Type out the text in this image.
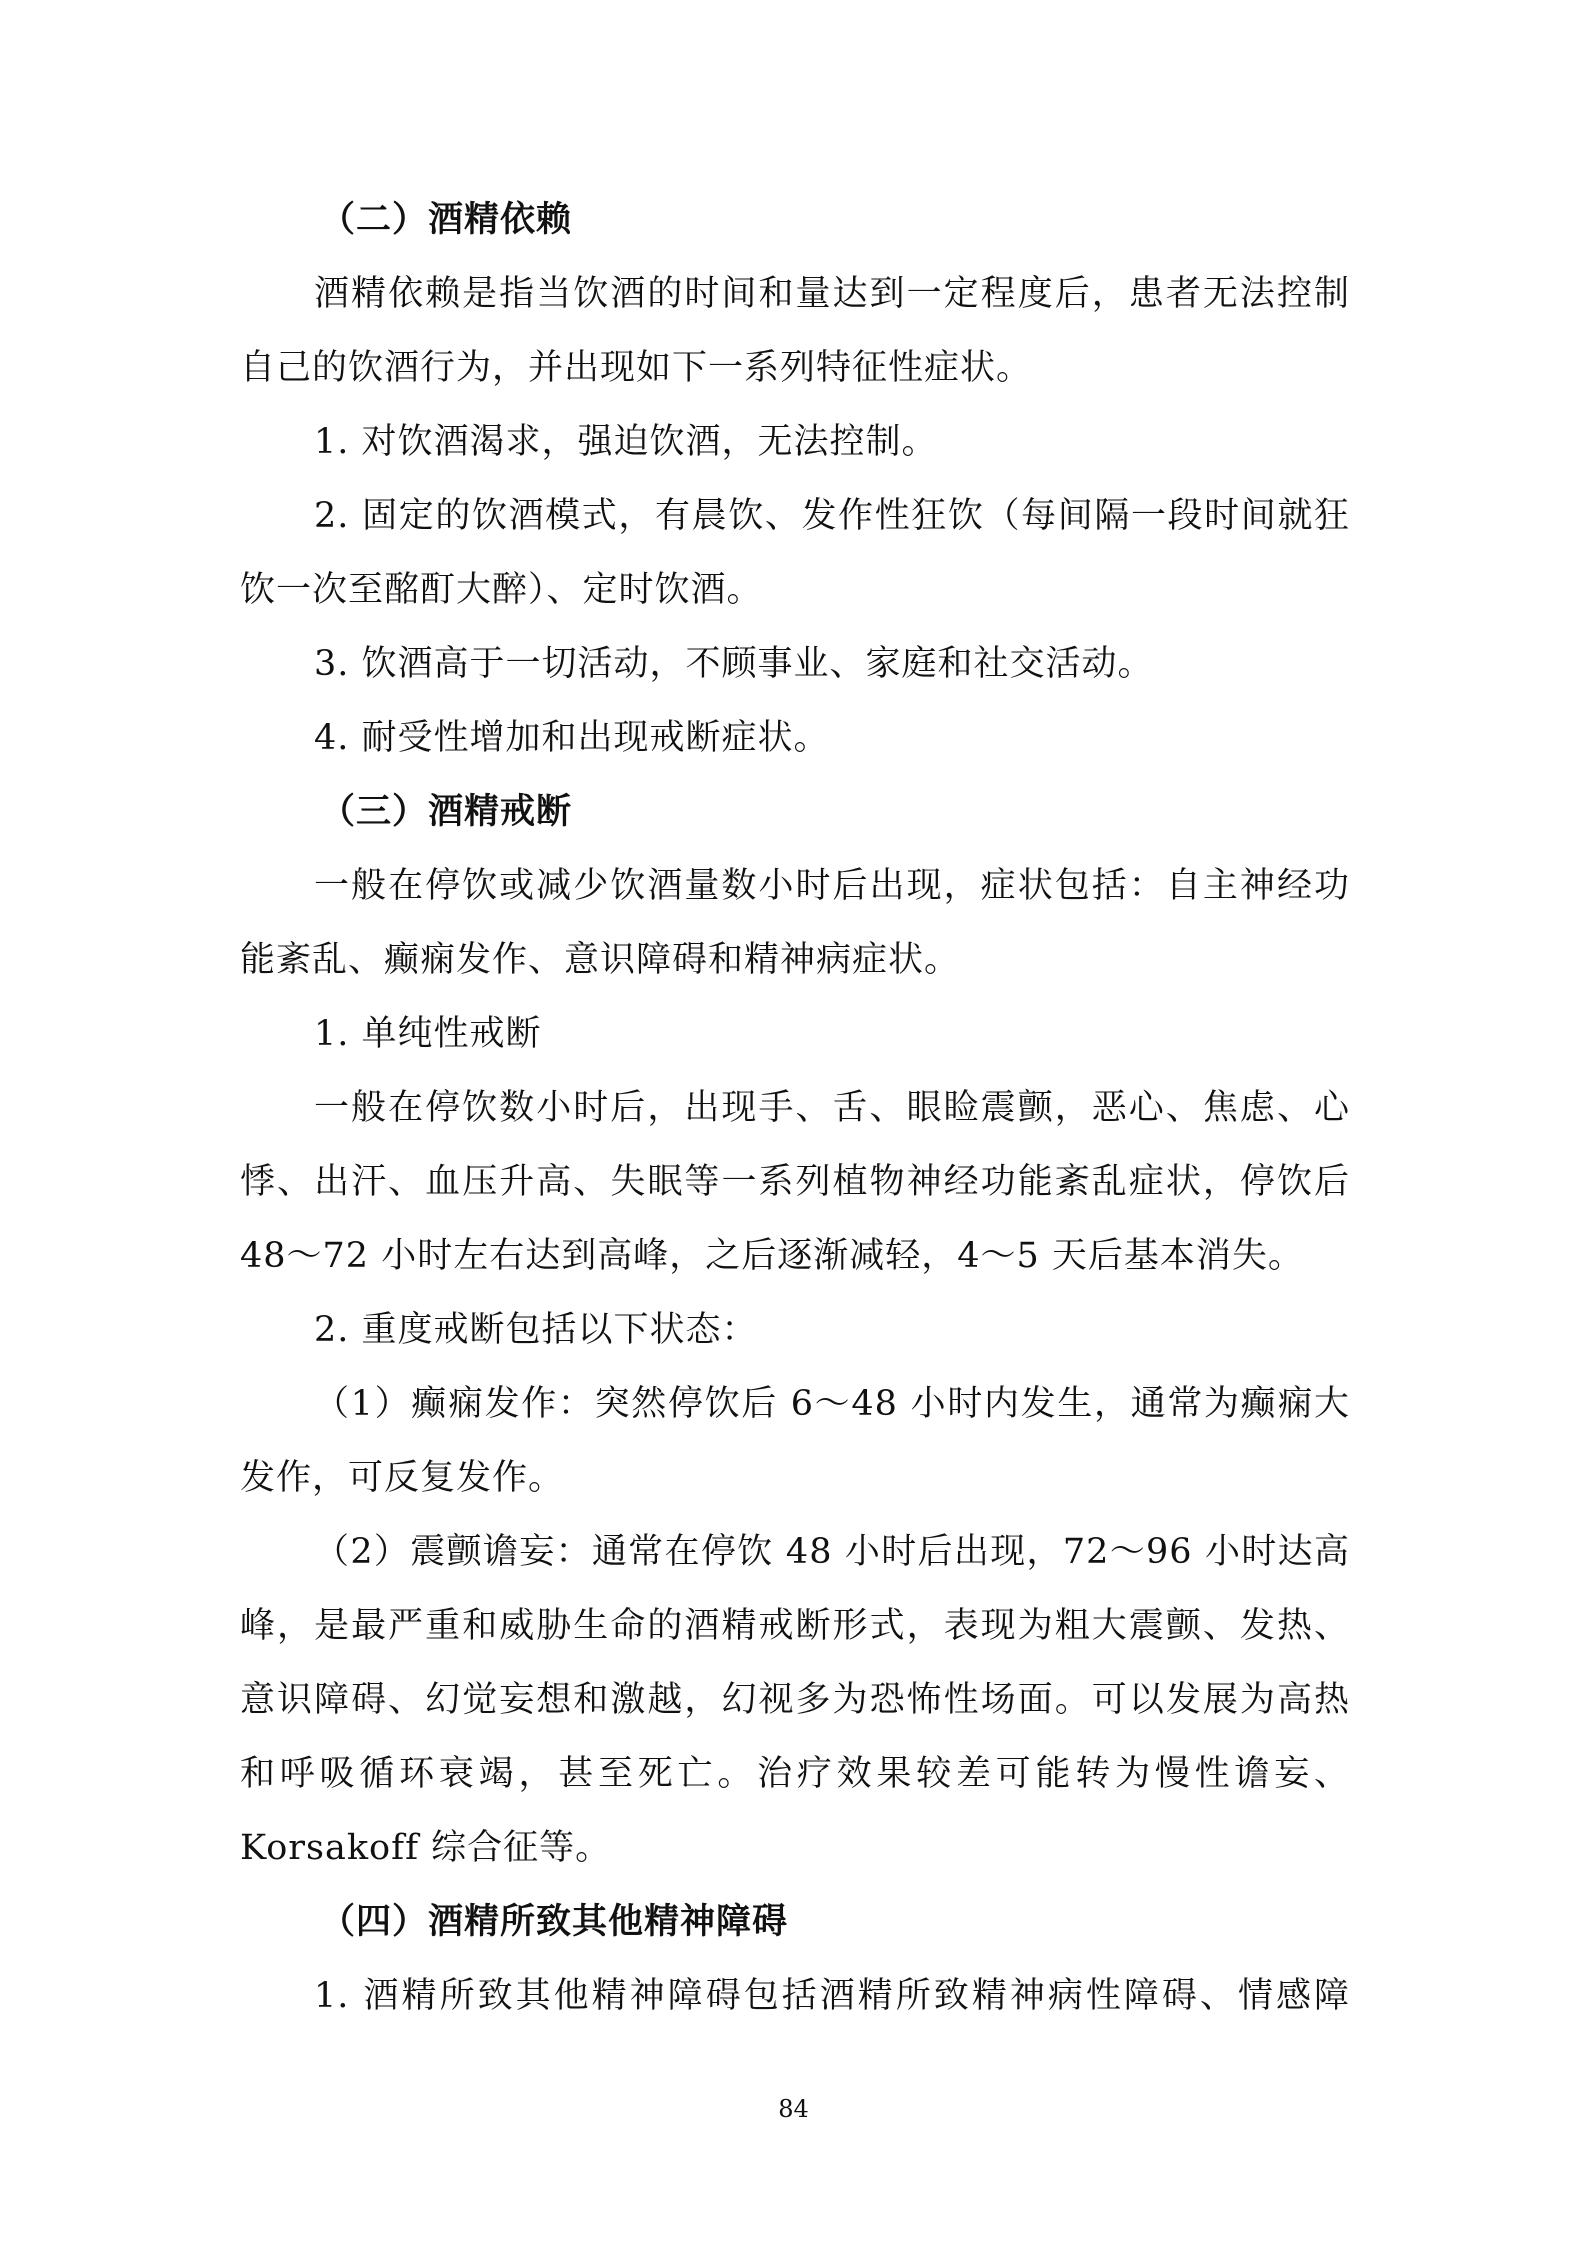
（二）酒精依赖
酒精依赖是指当饮酒的时间和量达到一定程度后，患者无法控制
自己的饮酒行为，并出现如下一系列特征性症状。
1. 对饮酒渴求，强迫饮酒，无法控制。
2. 固定的饮酒模式，有晨饮、发作性狂饮（每间隔一段时间就狂
饮一次至酩酊大醉）、定时饮酒。
3. 饮酒高于一切活动，不顾事业、家庭和社交活动。
4. 耐受性增加和出现戒断症状。
（三）酒精戒断
一般在停饮或减少饮酒量数小时后出现，症状包括：自主神经功
能紊乱、癫痫发作、意识障碍和精神病症状。
1. 单纯性戒断
一般在停饮数小时后，出现手、舌、眼睑震颤，恶心、焦虑、心
悸、出汗、血压升高、失眠等一系列植物神经功能紊乱症状，停饮后
48～72 小时左右达到高峰，之后逐渐减轻，4～5 天后基本消失。
2. 重度戒断包括以下状态：
（1）癫痫发作：突然停饮后 6～48 小时内发生，通常为癫痫大
发作，可反复发作。
（2）震颤谵妄：通常在停饮 48 小时后出现，72～96 小时达高
峰，是最严重和威胁生命的酒精戒断形式，表现为粗大震颤、发热、
意识障碍、幻觉妄想和激越，幻视多为恐怖性场面。可以发展为高热
和呼吸循环衰竭，甚至死亡。治疗效果较差可能转为慢性谵妄、
Korsakoff 综合征等。
（四）酒精所致其他精神障碍
1. 酒精所致其他精神障碍包括酒精所致精神病性障碍、情感障
84
